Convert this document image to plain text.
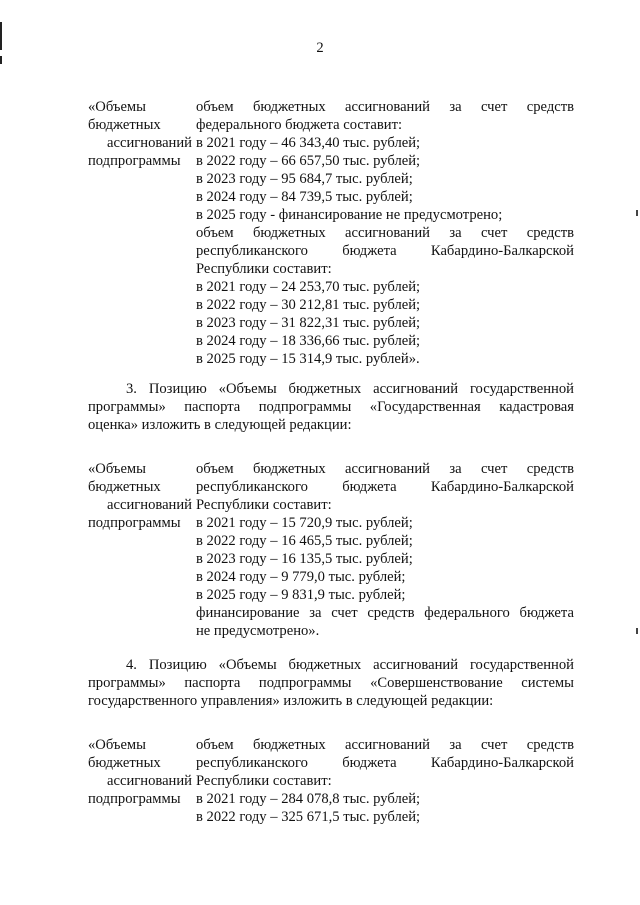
2
«Объемы
бюджетных
ассигнований
подпрограммы
объем бюджетных ассигнований за счет средств
федерального бюджета составит:
в 2021 году – 46 343,40 тыс. рублей;
в 2022 году – 66 657,50 тыс. рублей;
в 2023 году – 95 684,7 тыс. рублей;
в 2024 году – 84 739,5 тыс. рублей;
в 2025 году - финансирование не предусмотрено;
объем бюджетных ассигнований за счет средств
республиканского бюджета Кабардино-Балкарской
Республики составит:
в 2021 году – 24 253,70 тыс. рублей;
в 2022 году – 30 212,81 тыс. рублей;
в 2023 году – 31 822,31 тыс. рублей;
в 2024 году – 18 336,66 тыс. рублей;
в 2025 году – 15 314,9 тыс. рублей».
3. Позицию «Объемы бюджетных ассигнований государственной
программы» паспорта подпрограммы «Государственная кадастровая
оценка» изложить в следующей редакции:
«Объемы
бюджетных
ассигнований
подпрограммы
объем бюджетных ассигнований за счет средств
республиканского бюджета Кабардино-Балкарской
Республики составит:
в 2021 году – 15 720,9 тыс. рублей;
в 2022 году – 16 465,5 тыс. рублей;
в 2023 году – 16 135,5 тыс. рублей;
в 2024 году – 9 779,0 тыс. рублей;
в 2025 году – 9 831,9 тыс. рублей;
финансирование за счет средств федерального бюджета
не предусмотрено».
4. Позицию «Объемы бюджетных ассигнований государственной
программы» паспорта подпрограммы «Совершенствование системы
государственного управления» изложить в следующей редакции:
«Объемы
бюджетных
ассигнований
подпрограммы
объем бюджетных ассигнований за счет средств
республиканского бюджета Кабардино-Балкарской
Республики составит:
в 2021 году – 284 078,8 тыс. рублей;
в 2022 году – 325 671,5 тыс. рублей;
